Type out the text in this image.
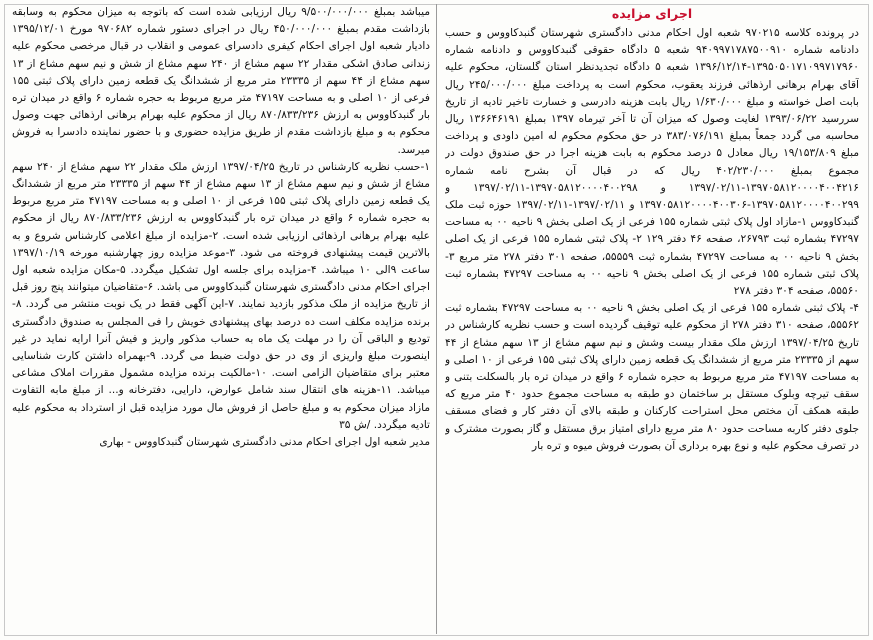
اجرای مزایده

در پرونده کلاسه ۹۷۰۲۱۵ شعبه اول احکام مدنی دادگستری شهرستان گنبدکاووس و حسب دادنامه شماره ۹۴۰۹۹۷۱۷۸۷۵۰۰۹۱۰ شعبه ۵ دادگاه حقوقی گنبدکاووس و دادنامه شماره ۱۳۹۵۰۵۰۱۷۱۰۹۹۷۱۷۹۶۰-۱۳۹۶/۱۲/۱۴ شعبه ۵ دادگاه تجدیدنظر استان گلستان، محکوم علیه آقای بهرام برهانی ارذهائی فرزند یعقوب، محکوم است به پرداخت مبلغ ۲۴۵/۰۰۰/۰۰۰ ریال بابت اصل خواسته و مبلغ ۱/۶۳۰/۰۰۰ ریال بابت هزینه دادرسی و خسارت تاخیر تادیه از تاریخ سررسید ۱۳۹۳/۰۶/۲۲ لغایت وصول که میزان آن تا آخر تیرماه ۱۳۹۷ بمبلغ ۱۳۶۶۴۶۱۹۱ ریال محاسبه می گردد جمعاً بمبلغ ۳۸۳/۰۷۶/۱۹۱ در حق محکوم محکوم له امین داودی و پرداخت مبلغ ۱۹/۱۵۳/۸۰۹ ریال معادل ۵ درصد محکوم به بابت هزینه اجرا در حق صندوق دولت در مجموع بمبلغ ۴۰۲/۲۳۰/۰۰۰ ریال که در قبال آن بشرح نامه شماره ۱۳۹۷۰۵۸۱۲۰۰۰۰۴۰۰۴۲۱۶-۱۳۹۷/۰۲/۱۱ و ۱۳۹۷۰۵۸۱۲۰۰۰۰۴۰۰۲۹۸-۱۳۹۷/۰۲/۱۱ و ۱۳۹۷۰۵۸۱۲۰۰۰۰۴۰۰۲۹۹-۱۳۹۷۰۵۸۱۲۰۰۰۰۴۰۰۳۰۶ و ۱۳۹۷/۰۲/۱۱-۱۳۹۷/۰۲/۱۱ حوزه ثبت ملک گنبدکاووس ۱-مازاد اول پلاک ثبتی شماره ۱۵۵ فرعی از یک اصلی بخش ۹ ناحیه ۰۰ به مساحت ۴۷۲۹۷ بشماره ثبت ۲۶۷۹۳، صفحه ۴۶ دفتر ۱۲۹ ۲- پلاک ثبتی شماره ۱۵۵ فرعی از یک اصلی بخش ۹ ناحیه ۰۰ به مساحت ۴۷۲۹۷ بشماره ثبت ۵۵۵۵۹، صفحه ۳۰۱ دفتر ۲۷۸ متر مربع ۳- پلاک ثبتی شماره ۱۵۵ فرعی از یک اصلی بخش ۹ ناحیه ۰۰ به مساحت ۴۷۲۹۷ بشماره ثبت ۵۵۵۶۰، صفحه ۳۰۴ دفتر ۲۷۸

۴- پلاک ثبتی شماره ۱۵۵ فرعی از یک اصلی بخش ۹ ناحیه ۰۰ به مساحت ۴۷۲۹۷ بشماره ثبت ۵۵۵۶۲، صفحه ۳۱۰ دفتر ۲۷۸ از محکوم علیه توقیف گردیده است و حسب نظریه کارشناس در تاریخ ۱۳۹۷/۰۴/۲۵ ارزش ملک مقدار بیست وشش و نیم سهم مشاع از ۱۳ سهم مشاع از ۴۴ سهم از ۲۳۳۳۵ متر مربع از ششدانگ یک قطعه زمین دارای پلاک ثبتی ۱۵۵ فرعی از ۱۰ اصلی و به مساحت ۴۷۱۹۷ متر مربع مربوط به حجره شماره ۶ واقع در میدان تره بار بالسکلت بتنی و سقف تیرچه وبلوک مستقل بر ساختمان دو طبقه به مساحت مجموع حدود ۴۰ متر مربع که طبقه همکف آن مختص محل استراحت کارکنان و طبقه بالای آن دفتر کار و فضای مسقف جلوی دفتر کاربه مساحت حدود ۸۰ متر مربع دارای امتیاز برق مستقل و گاز بصورت مشترک و در تصرف محکوم علیه و نوع بهره برداری آن بصورت فروش میوه و تره بار

میباشد بمبلغ ۹/۵۰۰/۰۰۰/۰۰۰ ریال ارزیابی شده است که باتوجه به میزان محکوم به وسابقه بازداشت مقدم بمبلغ ۴۵۰/۰۰۰/۰۰۰ ریال در اجرای دستور شماره ۹۷۰۶۸۲ مورخ ۱۳۹۵/۱۲/۰۱ دادیار شعبه اول اجرای احکام کیفری دادسرای عمومی و انقلاب در قبال مرخصی محکوم علیه زندانی صادق اشکی مقدار ۲۲ سهم مشاع از ۲۴۰ سهم مشاع از شش و نیم سهم مشاع از ۱۳ سهم مشاع از ۴۴ سهم از ۲۳۳۳۵ متر مربع از ششدانگ یک قطعه زمین دارای پلاک ثبتی ۱۵۵ فرعی از ۱۰ اصلی و به مساحت ۴۷۱۹۷ متر مربع مربوط به حجره شماره ۶ واقع در میدان تره بار گنبدکاووس به ارزش ۸۷۰/۸۳۳/۲۳۶ ریال از محکوم علیه بهرام برهانی ارذهائی جهت وصول محکوم به و مبلغ بازداشت مقدم از طریق مزایده حضوری و با حضور نماینده دادسرا به فروش میرسد.

۱-حسب نظریه کارشناس در تاریخ ۱۳۹۷/۰۴/۲۵ ارزش ملک مقدار ۲۲ سهم مشاع از ۲۴۰ سهم مشاع از شش و نیم سهم مشاع از ۱۳ سهم مشاع از ۴۴ سهم از ۲۳۳۳۵ متر مربع از ششدانگ یک قطعه زمین دارای پلاک ثبتی ۱۵۵ فرعی از ۱۰ اصلی و به مساحت ۴۷۱۹۷ متر مربع مربوط به حجره شماره ۶ واقع در میدان تره بار گنبدکاووس به ارزش ۸۷۰/۸۳۳/۲۳۶ ریال از محکوم علیه بهرام برهانی ارذهائی ارزیابی شده است. ۲-مزایده از مبلغ اعلامی کارشناس شروع و به بالاترین قیمت پیشنهادی فروخته می شود. ۳-موعد مزایده روز چهارشنبه مورخه ۱۳۹۷/۱۰/۱۹ ساعت ۹الی ۱۰ میباشد. ۴-مزایده برای جلسه اول تشکیل میگردد. ۵-مکان مزایده شعبه اول اجرای احکام مدنی دادگستری شهرستان گنبدکاووس می باشد. ۶-متقاضیان میتوانند پنج روز قبل از تاریخ مزایده از ملک مذکور بازدید نمایند. ۷-این آگهی فقط در یک نوبت منتشر می گردد. ۸-برنده مزایده مکلف است ده درصد بهای پیشنهادی خویش را فی المجلس به صندوق دادگستری تودیع و الباقی آن را در مهلت یک ماه به حساب مذکور واریز و فیش آنرا ارایه نماید در غیر اینصورت مبلغ واریزی از وی در حق دولت ضبط می گردد. ۹-بهمراه داشتن کارت شناسایی معتبر برای متقاضیان الزامی است. ۱۰-مالکیت برنده مزایده مشمول مقررات املاک مشاعی میباشد. ۱۱-هزینه های انتقال سند شامل عوارض، دارایی، دفترخانه و... از مبلغ مابه التفاوت مازاد میزان محکوم به و مبلغ حاصل از فروش مال مورد مزایده قبل از استرداد به محکوم علیه تادیه میگردد. /ش ۳۵

مدیر شعبه اول اجرای احکام مدنی دادگستری شهرستان گنبدکاووس - بهاری
